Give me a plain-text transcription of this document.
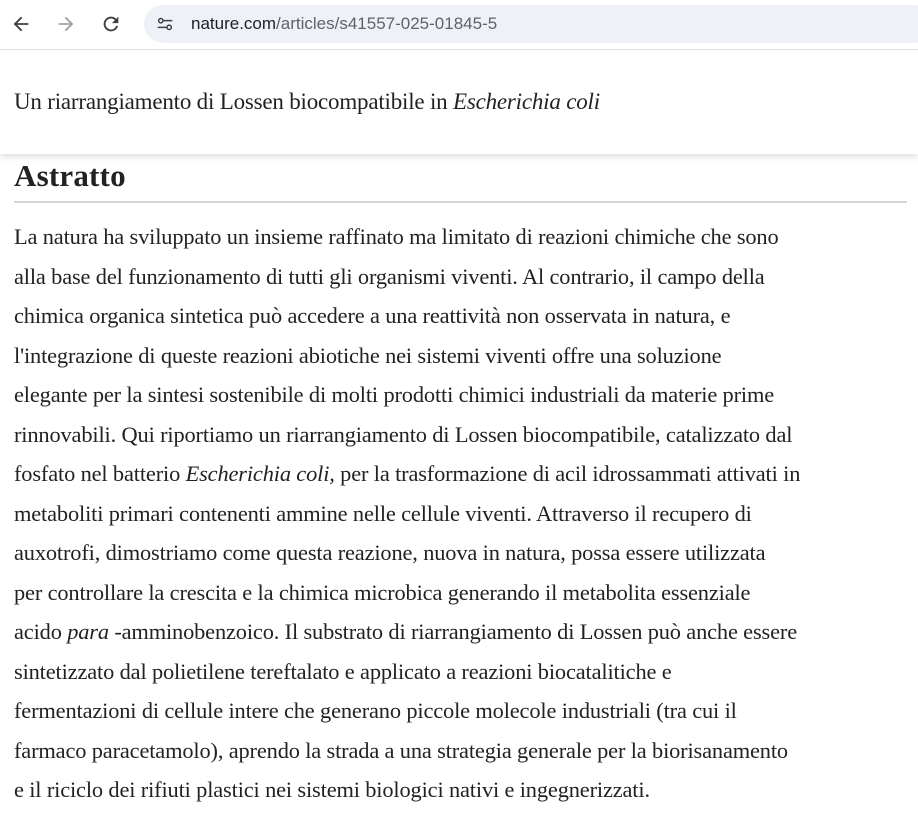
nature.com/articles/s41557-025-01845-5
Un riarrangiamento di Lossen biocompatibile in Escherichia coli
Astratto

La natura ha sviluppato un insieme raffinato ma limitato di reazioni chimiche che sono
alla base del funzionamento di tutti gli organismi viventi. Al contrario, il campo della
chimica organica sintetica può accedere a una reattività non osservata in natura, e
l'integrazione di queste reazioni abiotiche nei sistemi viventi offre una soluzione
elegante per la sintesi sostenibile di molti prodotti chimici industriali da materie prime
rinnovabili. Qui riportiamo un riarrangiamento di Lossen biocompatibile, catalizzato dal
fosfato nel batterio Escherichia coli, per la trasformazione di acil idrossammati attivati in
metaboliti primari contenenti ammine nelle cellule viventi. Attraverso il recupero di
auxotrofi, dimostriamo come questa reazione, nuova in natura, possa essere utilizzata
per controllare la crescita e la chimica microbica generando il metabolita essenziale
acido para -amminobenzoico. Il substrato di riarrangiamento di Lossen può anche essere
sintetizzato dal polietilene tereftalato e applicato a reazioni biocatalitiche e
fermentazioni di cellule intere che generano piccole molecole industriali (tra cui il
farmaco paracetamolo), aprendo la strada a una strategia generale per la biorisanamento
e il riciclo dei rifiuti plastici nei sistemi biologici nativi e ingegnerizzati.
